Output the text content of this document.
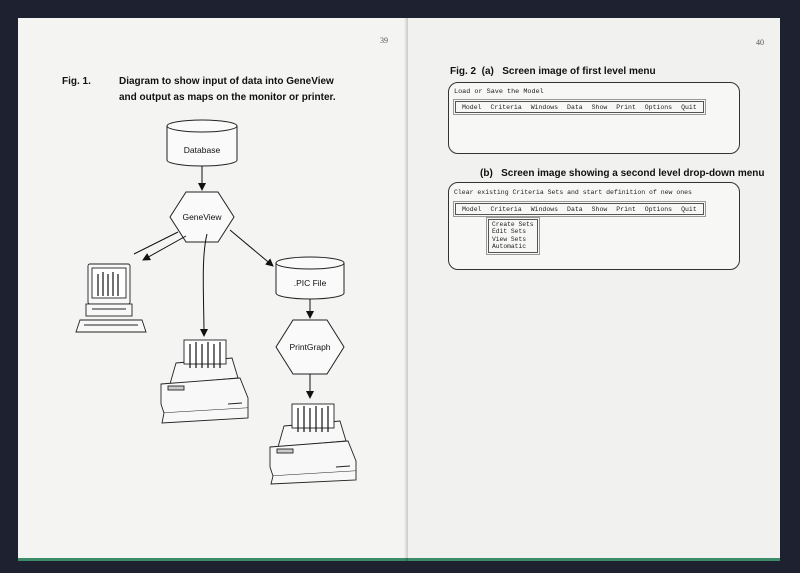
39
Fig. 1.	Diagram to show input of data into GeneView
and output as maps on the monitor or printer.
Database
GeneView
.PIC File
PrintGraph
40
Fig. 2  (a)   Screen image of first level menu
Load or Save the Model
Model Criteria Windows Data Show Print Options Quit
(b)   Screen image showing a second level drop-down menu
Clear existing Criteria Sets and start definition of new ones
Model Criteria Windows Data Show Print Options Quit
Create Sets
Edit Sets
View Sets
Automatic
